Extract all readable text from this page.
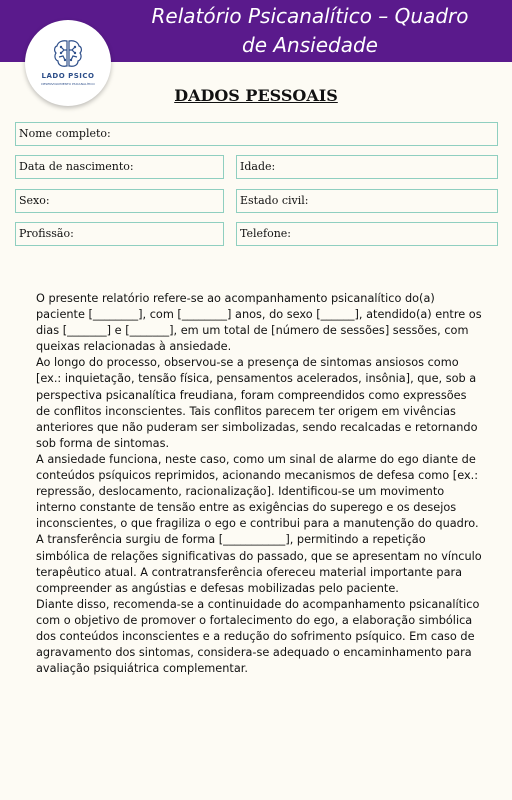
Relatório Psicanalítico – Quadro
de Ansiedade
LADO PSICO
DESENVOLVIMENTO PSICANALÍTICO
DADOS PESSOAIS
Nome completo:
Data de nascimento:	Idade:
Sexo:	Estado civil:
Profissão:	Telefone:

O presente relatório refere-se ao acompanhamento psicanalítico do(a) paciente [________], com [________] anos, do sexo [______], atendido(a) entre os dias [_______] e [_______], em um total de [número de sessões] sessões, com queixas relacionadas à ansiedade.

Ao longo do processo, observou-se a presença de sintomas ansiosos como [ex.: inquietação, tensão física, pensamentos acelerados, insônia], que, sob a perspectiva psicanalítica freudiana, foram compreendidos como expressões de conflitos inconscientes. Tais conflitos parecem ter origem em vivências anteriores que não puderam ser simbolizadas, sendo recalcadas e retornando sob forma de sintomas.

A ansiedade funciona, neste caso, como um sinal de alarme do ego diante de conteúdos psíquicos reprimidos, acionando mecanismos de defesa como [ex.: repressão, deslocamento, racionalização]. Identificou-se um movimento interno constante de tensão entre as exigências do superego e os desejos inconscientes, o que fragiliza o ego e contribui para a manutenção do quadro.

A transferência surgiu de forma [___________], permitindo a repetição simbólica de relações significativas do passado, que se apresentam no vínculo terapêutico atual. A contratransferência ofereceu material importante para compreender as angústias e defesas mobilizadas pelo paciente.

Diante disso, recomenda-se a continuidade do acompanhamento psicanalítico com o objetivo de promover o fortalecimento do ego, a elaboração simbólica dos conteúdos inconscientes e a redução do sofrimento psíquico. Em caso de agravamento dos sintomas, considera-se adequado o encaminhamento para avaliação psiquiátrica complementar.
